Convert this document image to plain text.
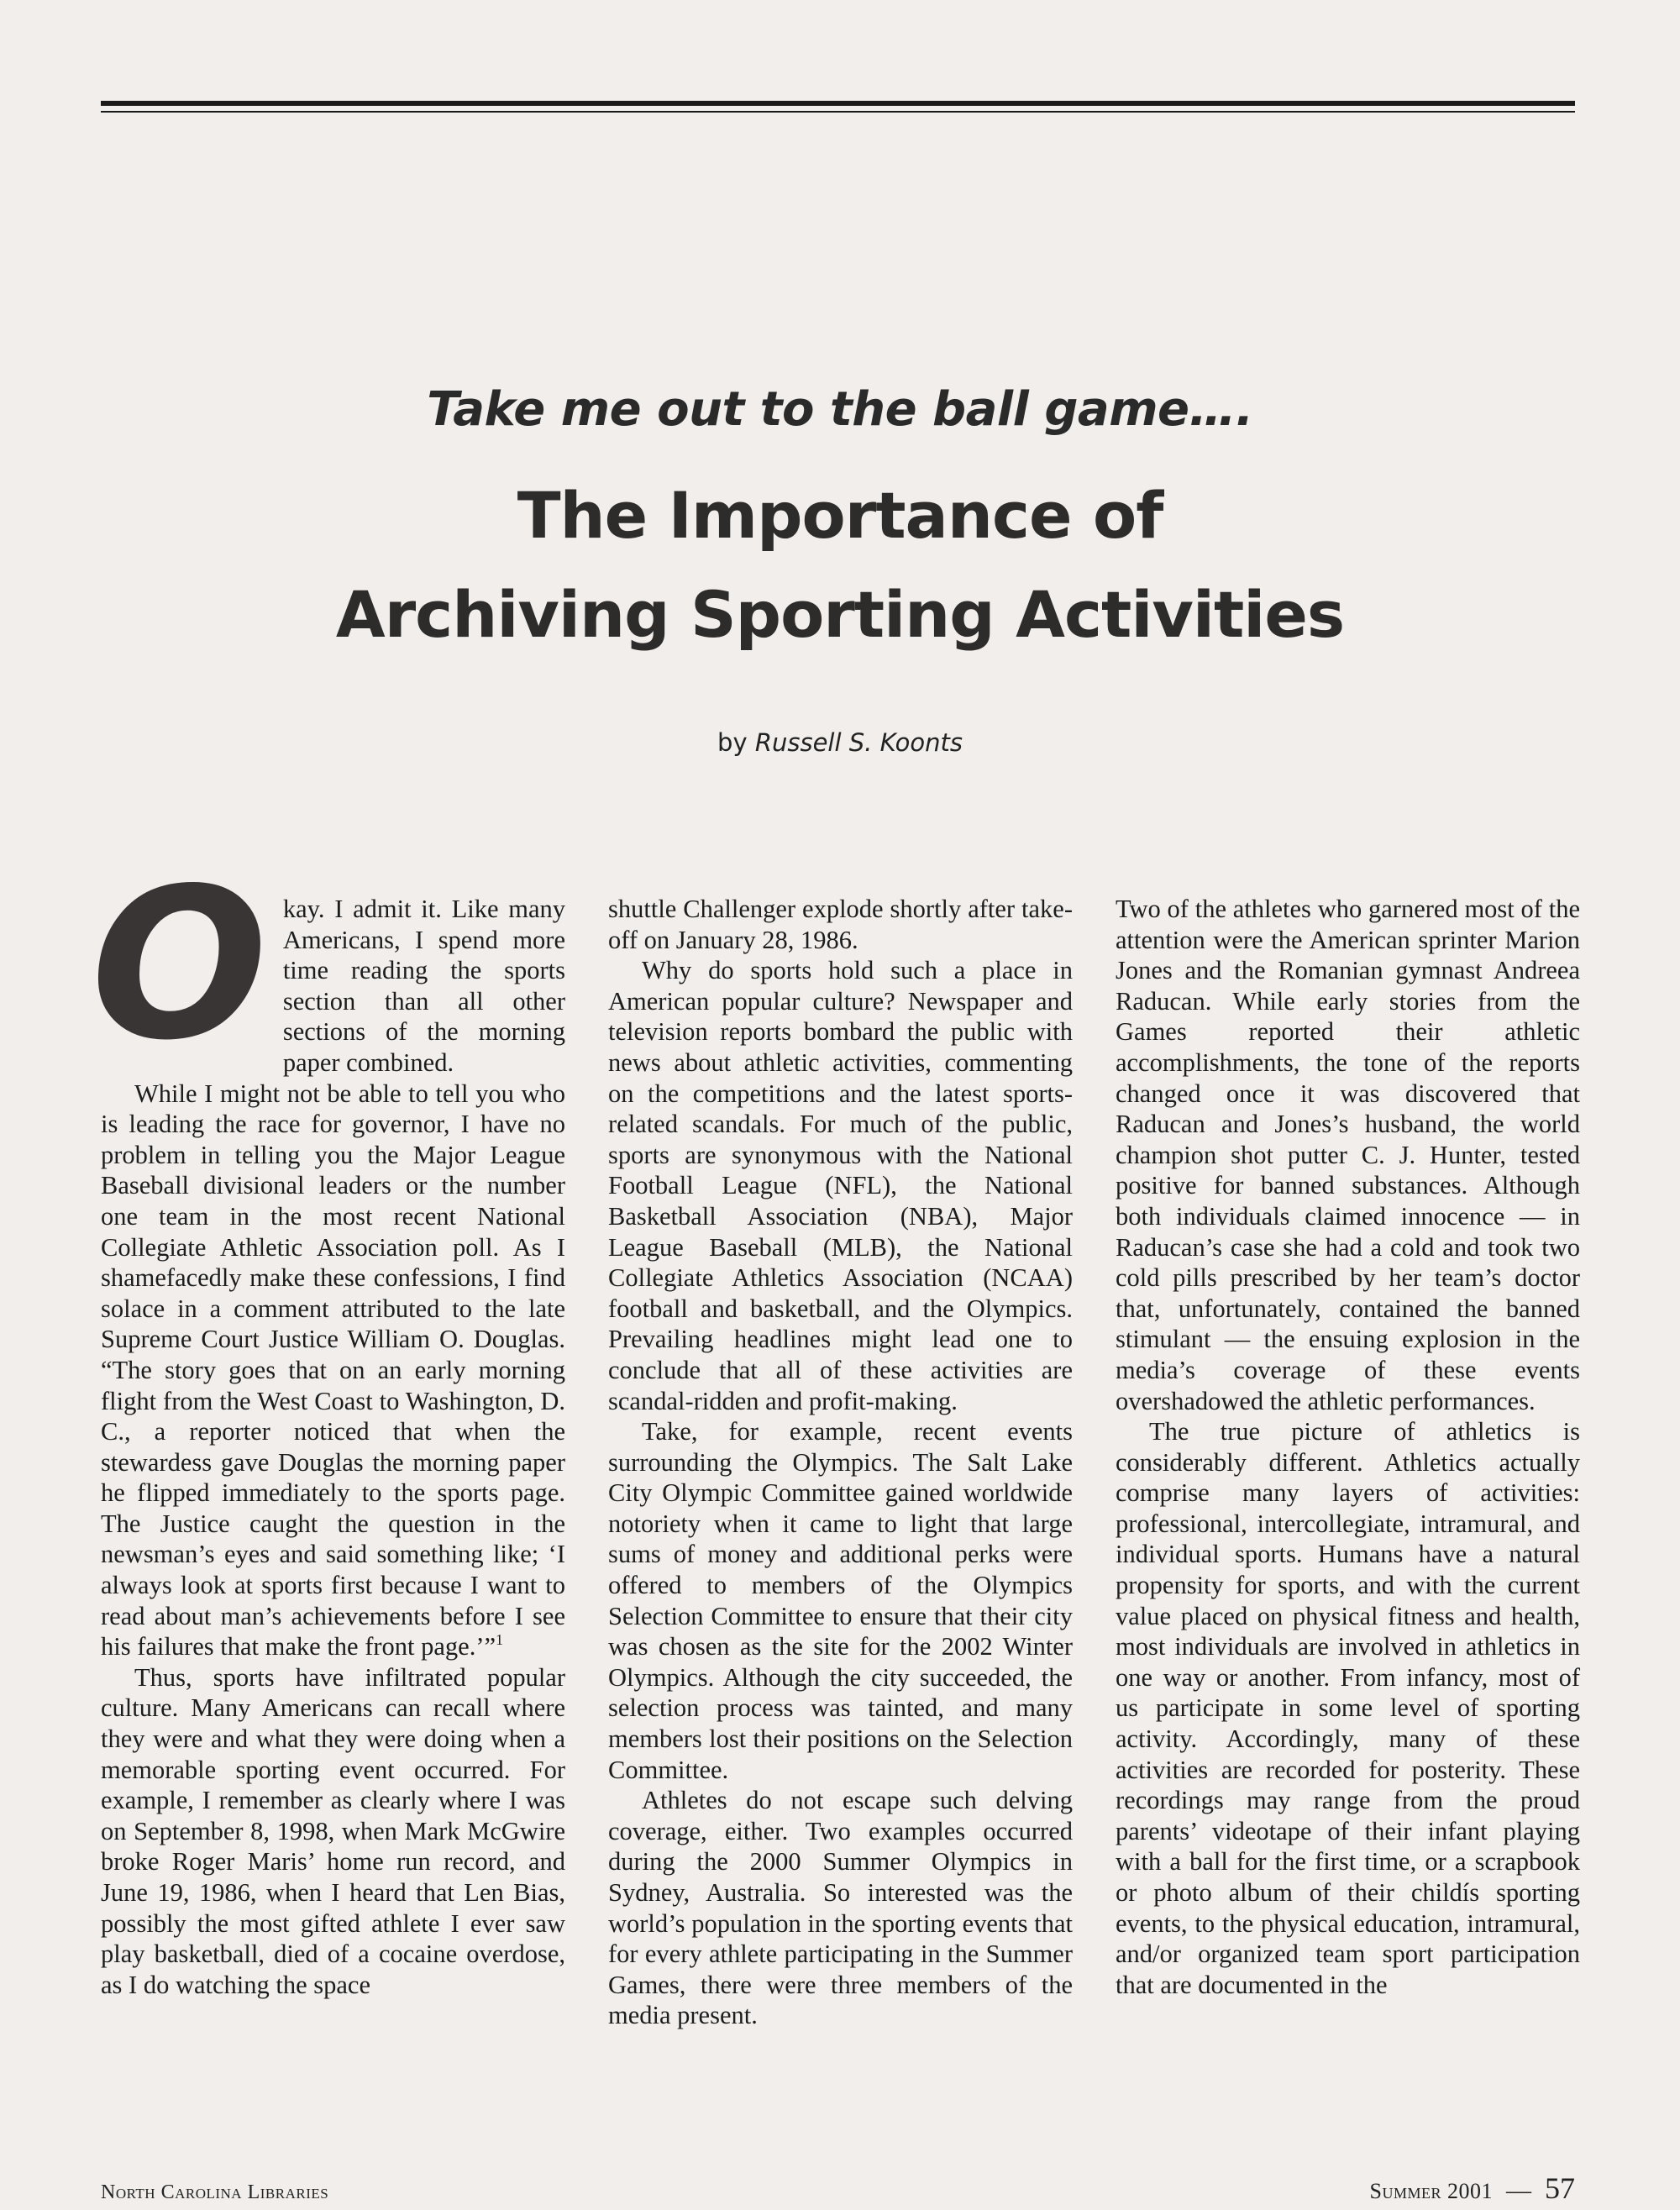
Take me out to the ball game….
The Importance of
Archiving Sporting Activities
by Russell S. Koonts
O kay. I admit it. Like many Americans, I spend more time reading the sports section than all other sections of the morning paper combined.

While I might not be able to tell you who is leading the race for governor, I have no problem in telling you the Major League Baseball divisional leaders or the number one team in the most recent National Collegiate Athletic Association poll. As I shamefacedly make these confessions, I find solace in a comment attributed to the late Supreme Court Justice William O. Douglas. “The story goes that on an early morning flight from the West Coast to Washington, D. C., a reporter noticed that when the stewardess gave Douglas the morning paper he flipped immediately to the sports page. The Justice caught the question in the newsman’s eyes and said something like; ‘I always look at sports first because I want to read about man’s achievements before I see his failures that make the front page.’”$^1$

Thus, sports have infiltrated popular culture. Many Americans can recall where they were and what they were doing when a memorable sporting event occurred. For example, I remember as clearly where I was on September 8, 1998, when Mark McGwire broke Roger Maris’ home run record, and June 19, 1986, when I heard that Len Bias, possibly the most gifted athlete I ever saw play basketball, died of a cocaine overdose, as I do watching the space

shuttle Challenger explode shortly after take-off on January 28, 1986.

Why do sports hold such a place in American popular culture? Newspaper and television reports bombard the public with news about athletic activities, commenting on the competitions and the latest sports-related scandals. For much of the public, sports are synonymous with the National Football League (NFL), the National Basketball Association (NBA), Major League Baseball (MLB), the National Collegiate Athletics Association (NCAA) football and basketball, and the Olympics. Prevailing headlines might lead one to conclude that all of these activities are scandal-ridden and profit-making.

Take, for example, recent events surrounding the Olympics. The Salt Lake City Olympic Committee gained worldwide notoriety when it came to light that large sums of money and additional perks were offered to members of the Olympics Selection Committee to ensure that their city was chosen as the site for the 2002 Winter Olympics. Although the city succeeded, the selection process was tainted, and many members lost their positions on the Selection Committee.

Athletes do not escape such delving coverage, either. Two examples occurred during the 2000 Summer Olympics in Sydney, Australia. So interested was the world’s population in the sporting events that for every athlete participating in the Summer Games, there were three members of the media present.

Two of the athletes who garnered most of the attention were the American sprinter Marion Jones and the Romanian gymnast Andreea Raducan. While early stories from the Games reported their athletic accomplishments, the tone of the reports changed once it was discovered that Raducan and Jones’s husband, the world champion shot putter C. J. Hunter, tested positive for banned substances. Although both individuals claimed innocence — in Raducan’s case she had a cold and took two cold pills prescribed by her team’s doctor that, unfortunately, contained the banned stimulant — the ensuing explosion in the media’s coverage of these events overshadowed the athletic performances.

The true picture of athletics is considerably different. Athletics actually comprise many layers of activities: professional, intercollegiate, intramural, and individual sports. Humans have a natural propensity for sports, and with the current value placed on physical fitness and health, most individuals are involved in athletics in one way or another. From infancy, most of us participate in some level of sporting activity. Accordingly, many of these activities are recorded for posterity. These recordings may range from the proud parents’ videotape of their infant playing with a ball for the first time, or a scrapbook or photo album of their childís sporting events, to the physical education, intramural, and/or organized team sport participation that are documented in the

North Carolina Libraries	Summer 2001 — 57
